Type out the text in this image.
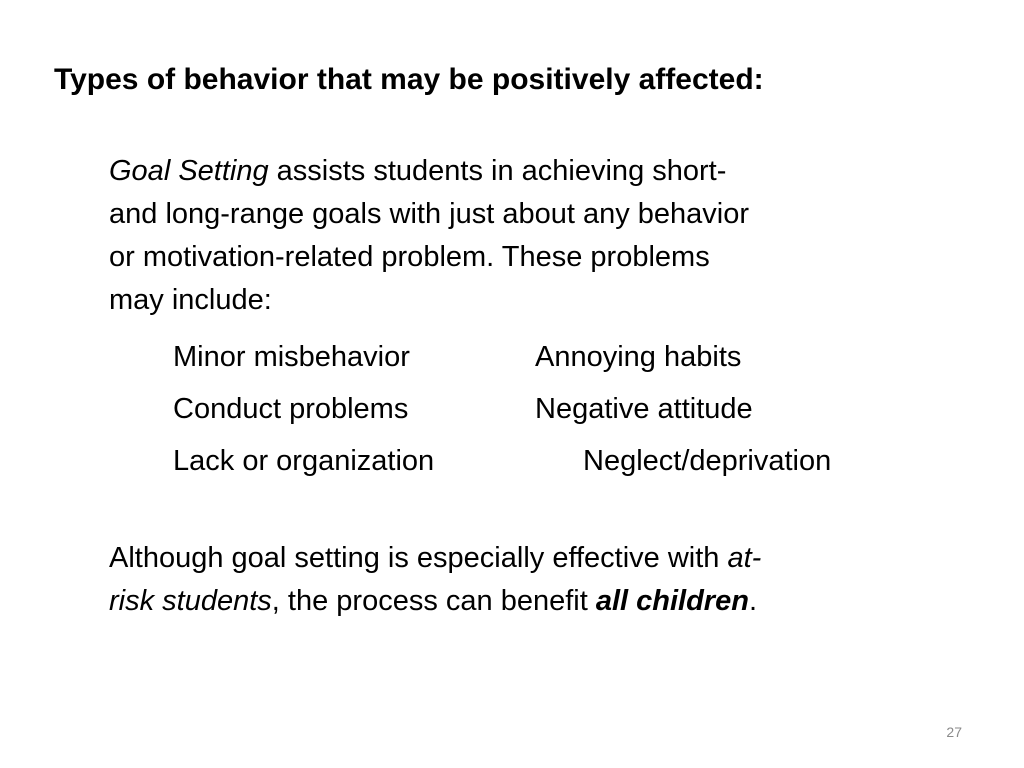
Types of behavior that may be positively affected:
Goal Setting assists students in achieving short-
and long-range goals with just about any behavior
or motivation-related problem. These problems
may include:
Minor misbehavior	Annoying habits
Conduct problems	Negative attitude
Lack or organization	Neglect/deprivation
Although goal setting is especially effective with at-
risk students, the process can benefit all children.
27
